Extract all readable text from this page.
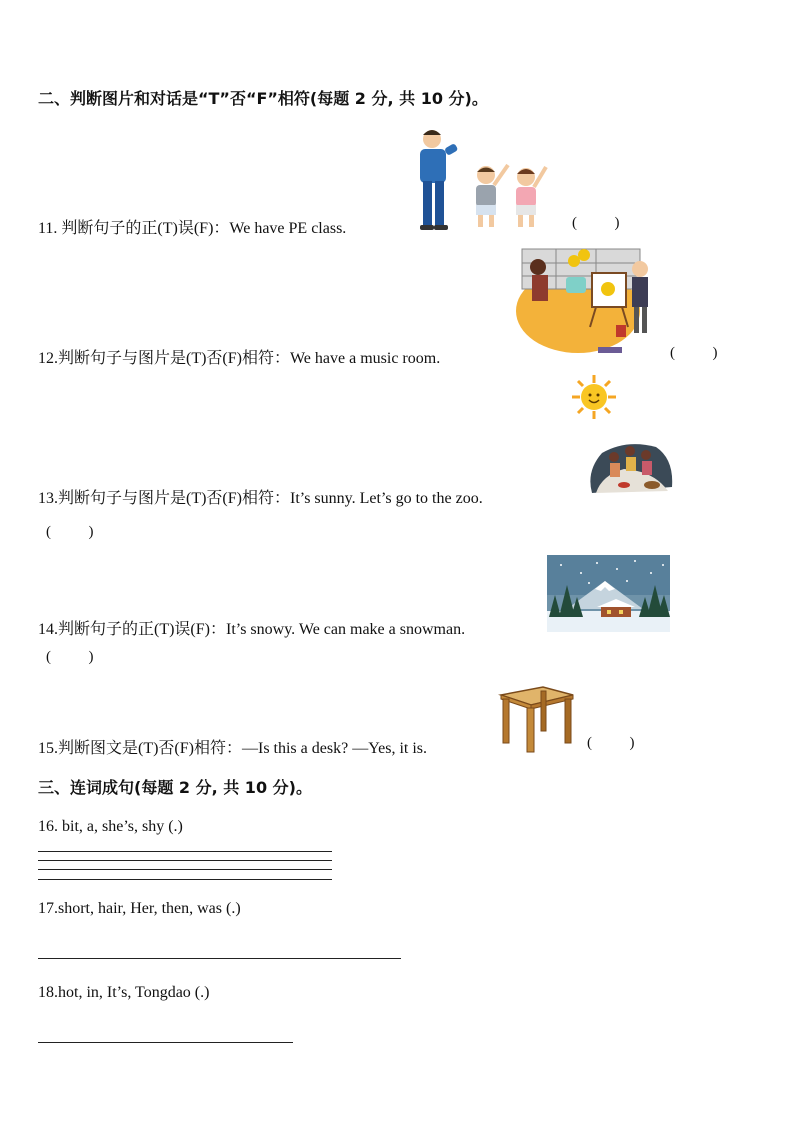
二、判断图片和对话是“T”否“F”相符(每题 2 分, 共 10 分)。
11. 判断句子的正(T)误(F)：We have PE class.	(          )
12.判断句子与图片是(T)否(F)相符：We have a music room.	(          )
13.判断句子与图片是(T)否(F)相符：It’s sunny. Let’s go to the zoo.
(          )
14.判断句子的正(T)误(F)：It’s snowy. We can make a snowman.
(          )
15.判断图文是(T)否(F)相符：—Is this a desk? —Yes, it is.	(          )
三、连词成句(每题 2 分, 共 10 分)。
16. bit, a, she’s, shy (.)
17.short, hair, Her, then, was (.)
18.hot, in, It’s, Tongdao (.)
